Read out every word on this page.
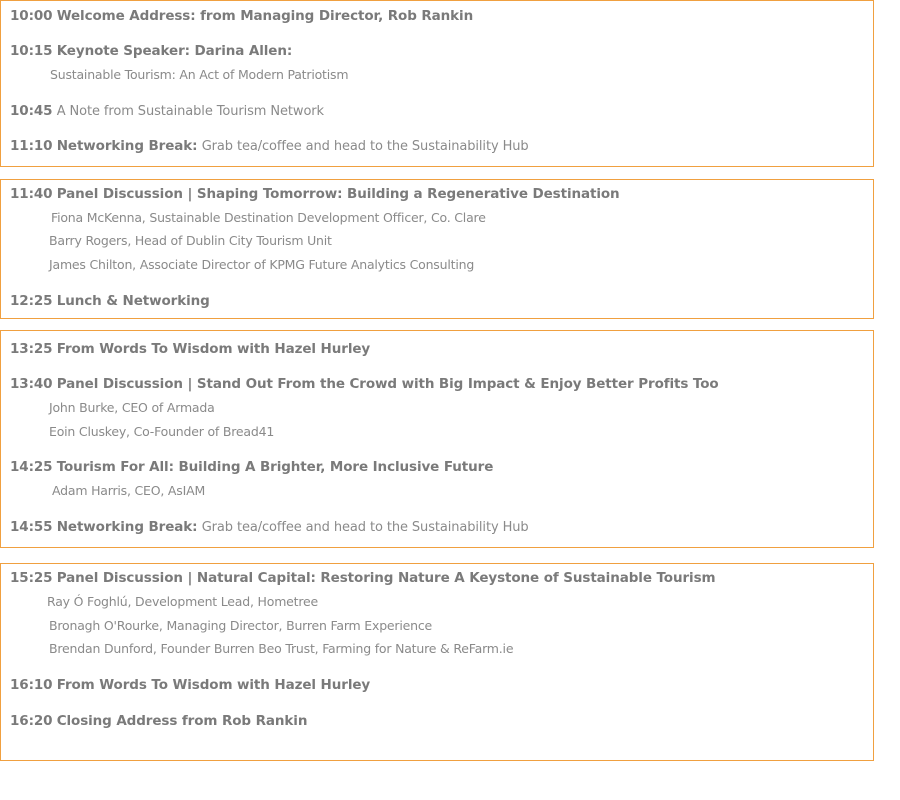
10:00 Welcome Address: from Managing Director, Rob Rankin
10:15 Keynote Speaker: Darina Allen:
Sustainable Tourism: An Act of Modern Patriotism
10:45 A Note from Sustainable Tourism Network
11:10 Networking Break: Grab tea/coffee and head to the Sustainability Hub
11:40 Panel Discussion | Shaping Tomorrow: Building a Regenerative Destination
Fiona McKenna, Sustainable Destination Development Officer, Co. Clare
Barry Rogers, Head of Dublin City Tourism Unit
James Chilton, Associate Director of KPMG Future Analytics Consulting
12:25 Lunch & Networking
13:25 From Words To Wisdom with Hazel Hurley
13:40 Panel Discussion | Stand Out From the Crowd with Big Impact & Enjoy Better Profits Too
John Burke, CEO of Armada
Eoin Cluskey, Co-Founder of Bread41
14:25 Tourism For All: Building A Brighter, More Inclusive Future
Adam Harris, CEO, AsIAM
14:55 Networking Break: Grab tea/coffee and head to the Sustainability Hub
15:25 Panel Discussion | Natural Capital: Restoring Nature A Keystone of Sustainable Tourism
Ray Ó Foghlú, Development Lead, Hometree
Bronagh O'Rourke, Managing Director, Burren Farm Experience
Brendan Dunford, Founder Burren Beo Trust, Farming for Nature & ReFarm.ie
16:10 From Words To Wisdom with Hazel Hurley
16:20 Closing Address from Rob Rankin
